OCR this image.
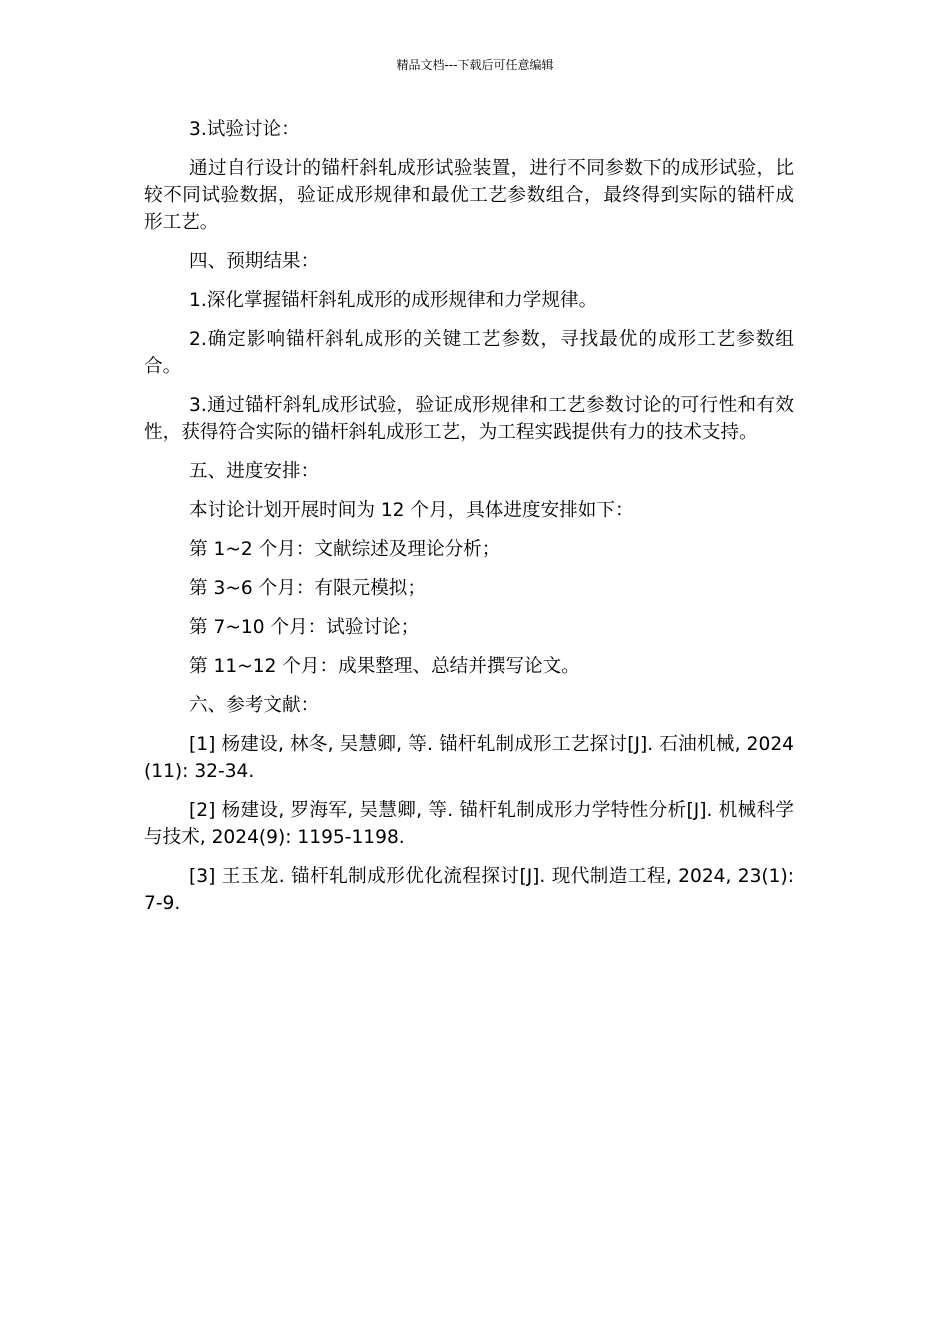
精品文档---下载后可任意编辑

3.试验讨论：

通过自行设计的锚杆斜轧成形试验装置，进行不同参数下的成形试验，比较不同试验数据，验证成形规律和最优工艺参数组合，最终得到实际的锚杆成形工艺。

四、预期结果：

1.深化掌握锚杆斜轧成形的成形规律和力学规律。

2.确定影响锚杆斜轧成形的关键工艺参数，寻找最优的成形工艺参数组合。

3.通过锚杆斜轧成形试验，验证成形规律和工艺参数讨论的可行性和有效性，获得符合实际的锚杆斜轧成形工艺，为工程实践提供有力的技术支持。

五、进度安排：

本讨论计划开展时间为 12 个月，具体进度安排如下：

第 1~2 个月：文献综述及理论分析；

第 3~6 个月：有限元模拟；

第 7~10 个月：试验讨论；

第 11~12 个月：成果整理、总结并撰写论文。

六、参考文献：

[1] 杨建设, 林冬, 吴慧卿, 等. 锚杆轧制成形工艺探讨[J]. 石油机械, 2024(11): 32-34.

[2] 杨建设, 罗海军, 吴慧卿, 等. 锚杆轧制成形力学特性分析[J]. 机械科学与技术, 2024(9): 1195-1198.

[3] 王玉龙. 锚杆轧制成形优化流程探讨[J]. 现代制造工程, 2024, 23(1): 7-9.
